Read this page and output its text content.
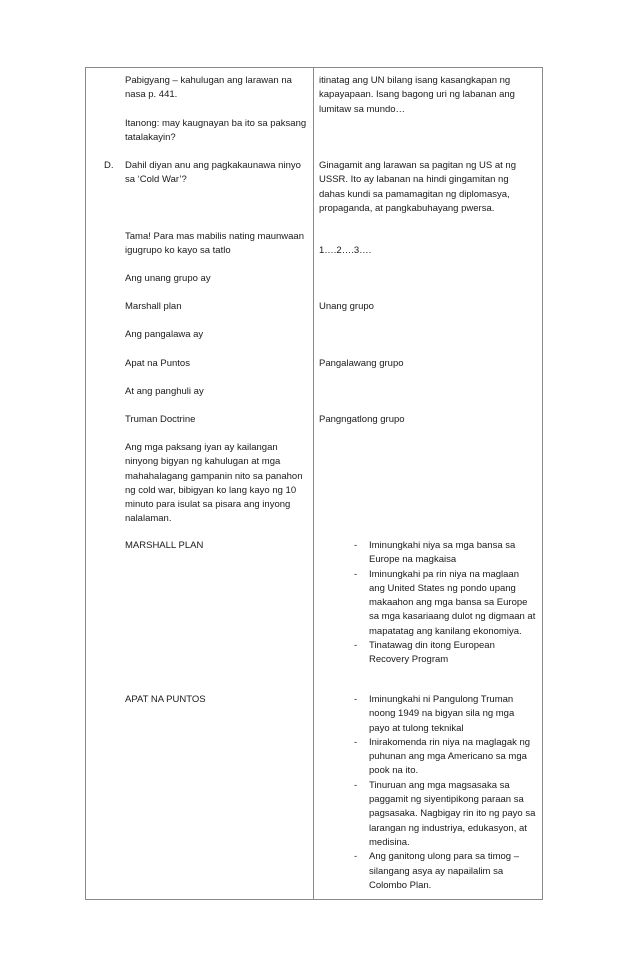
Pabigyang – kahulugan ang larawan na nasa p. 441.
Itanong: may kaugnayan ba ito sa paksang tatalakayin?
D. Dahil diyan anu ang pagkakaunawa ninyo sa ‘Cold War’?
Tama! Para mas mabilis nating maunwaan igugrupo ko kayo sa tatlo
Ang unang grupo ay
Marshall plan
Ang pangalawa ay
Apat na Puntos
At ang panghuli ay
Truman Doctrine
Ang mga paksang iyan ay kailangan ninyong bigyan ng kahulugan at mga mahahalagang gampanin nito sa panahon ng cold war, bibigyan ko lang kayo ng 10 minuto para isulat sa pisara ang inyong nalalaman.
MARSHALL PLAN
APAT NA PUNTOS
itinatag ang UN bilang isang kasangkapan ng kapayapaan. Isang bagong uri ng labanan ang lumitaw sa mundo…
Ginagamit ang larawan sa pagitan ng US at ng USSR. Ito ay labanan na hindi gingamitan ng dahas kundi sa pamamagitan ng diplomasya, propaganda, at pangkabuhayang pwersa.
1….2….3….
Unang grupo
Pangalawang grupo
Pangngatlong grupo
- Iminungkahi niya sa mga bansa sa Europe na magkaisa
- Iminungkahi pa rin niya na maglaan ang United States ng pondo upang makaahon ang mga bansa sa Europe sa mga kasariaang dulot ng digmaan at mapatatag ang kanilang ekonomiya.
- Tinatawag din itong European Recovery Program
- Iminungkahi ni Pangulong Truman noong 1949 na bigyan sila ng mga payo at tulong teknikal
- Inirakomenda rin niya na maglagak ng puhunan ang mga Americano sa mga pook na ito.
- Tinuruan ang mga magsasaka sa paggamit ng siyentipikong paraan sa pagsasaka. Nagbigay rin ito ng payo sa larangan ng industriya, edukasyon, at medisina.
- Ang ganitong ulong para sa timog – silangang asya ay napailalim sa Colombo Plan.
